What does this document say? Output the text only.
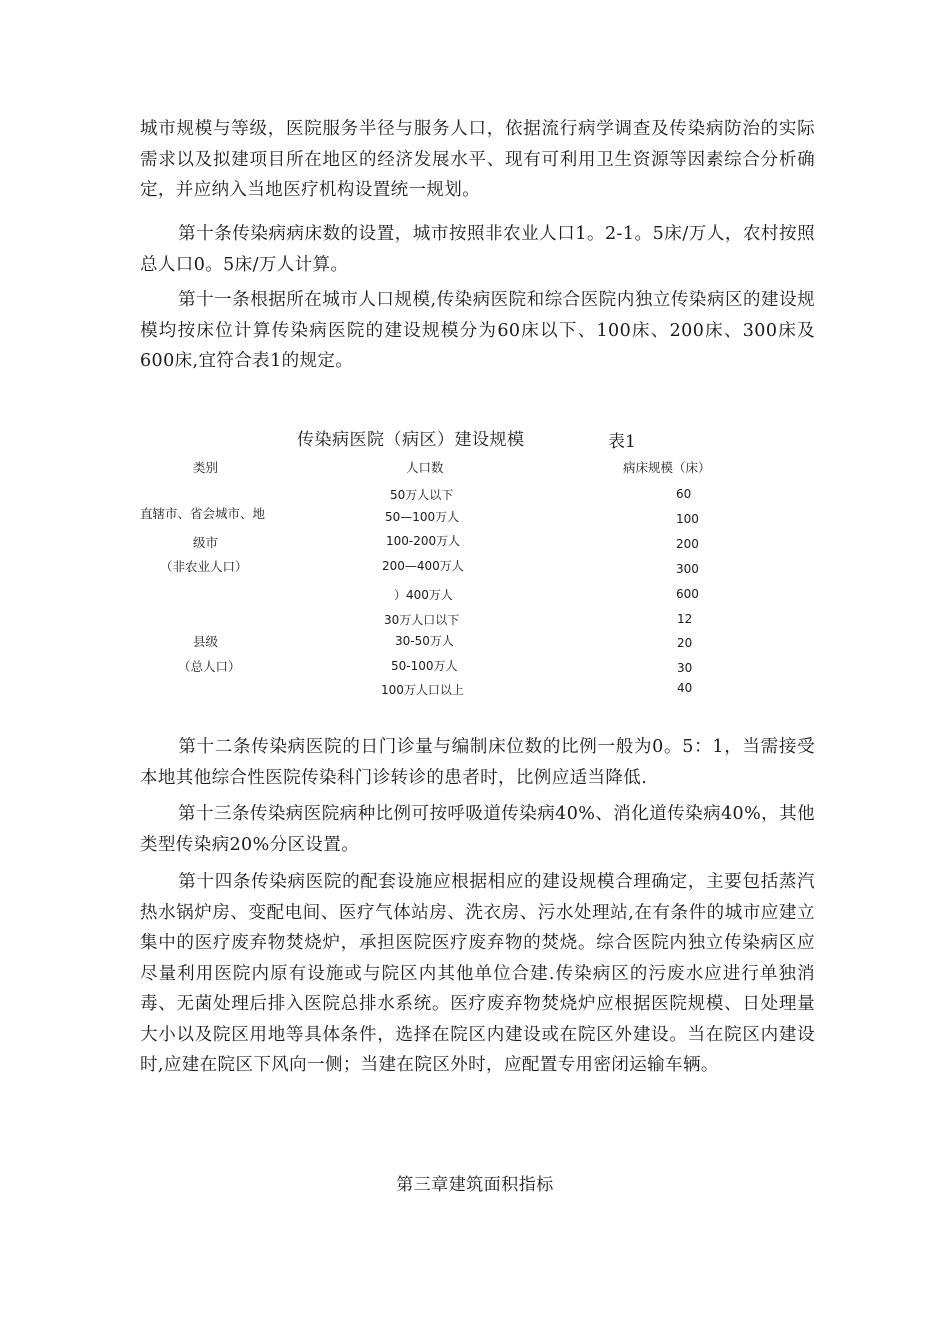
城市规模与等级，医院服务半径与服务人口，依据流行病学调查及传染病防治的实际需求以及拟建项目所在地区的经济发展水平、现有可利用卫生资源等因素综合分析确定，并应纳入当地医疗机构设置统一规划。

第十条传染病病床数的设置，城市按照非农业人口1。2-1。5床/万人，农村按照总人口0。5床/万人计算。

第十一条根据所在城市人口规模,传染病医院和综合医院内独立传染病区的建设规模均按床位计算传染病医院的建设规模分为60床以下、100床、200床、300床及600床,宜符合表1的规定。

传染病医院（病区）建设规模	表1
类别	人口数	病床规模（床）
直辖市、省会城市、地
级市
（非农业人口）
50万人以下	60
50—100万人	100
100-200万人	200
200—400万人	300
）400万人	600
县级
（总人口）
30万人口以下	12
30-50万人	20
50-100万人	30
100万人口以上	40

第十二条传染病医院的日门诊量与编制床位数的比例一般为0。5：1，当需接受本地其他综合性医院传染科门诊转诊的患者时，比例应适当降低.

第十三条传染病医院病种比例可按呼吸道传染病40%、消化道传染病40%，其他类型传染病20%分区设置。

第十四条传染病医院的配套设施应根据相应的建设规模合理确定，主要包括蒸汽热水锅炉房、变配电间、医疗气体站房、洗衣房、污水处理站,在有条件的城市应建立集中的医疗废弃物焚烧炉，承担医院医疗废弃物的焚烧。综合医院内独立传染病区应尽量利用医院内原有设施或与院区内其他单位合建.传染病区的污废水应进行单独消毒、无菌处理后排入医院总排水系统。医疗废弃物焚烧炉应根据医院规模、日处理量大小以及院区用地等具体条件，选择在院区内建设或在院区外建设。当在院区内建设时,应建在院区下风向一侧；当建在院区外时，应配置专用密闭运输车辆。

第三章建筑面积指标
